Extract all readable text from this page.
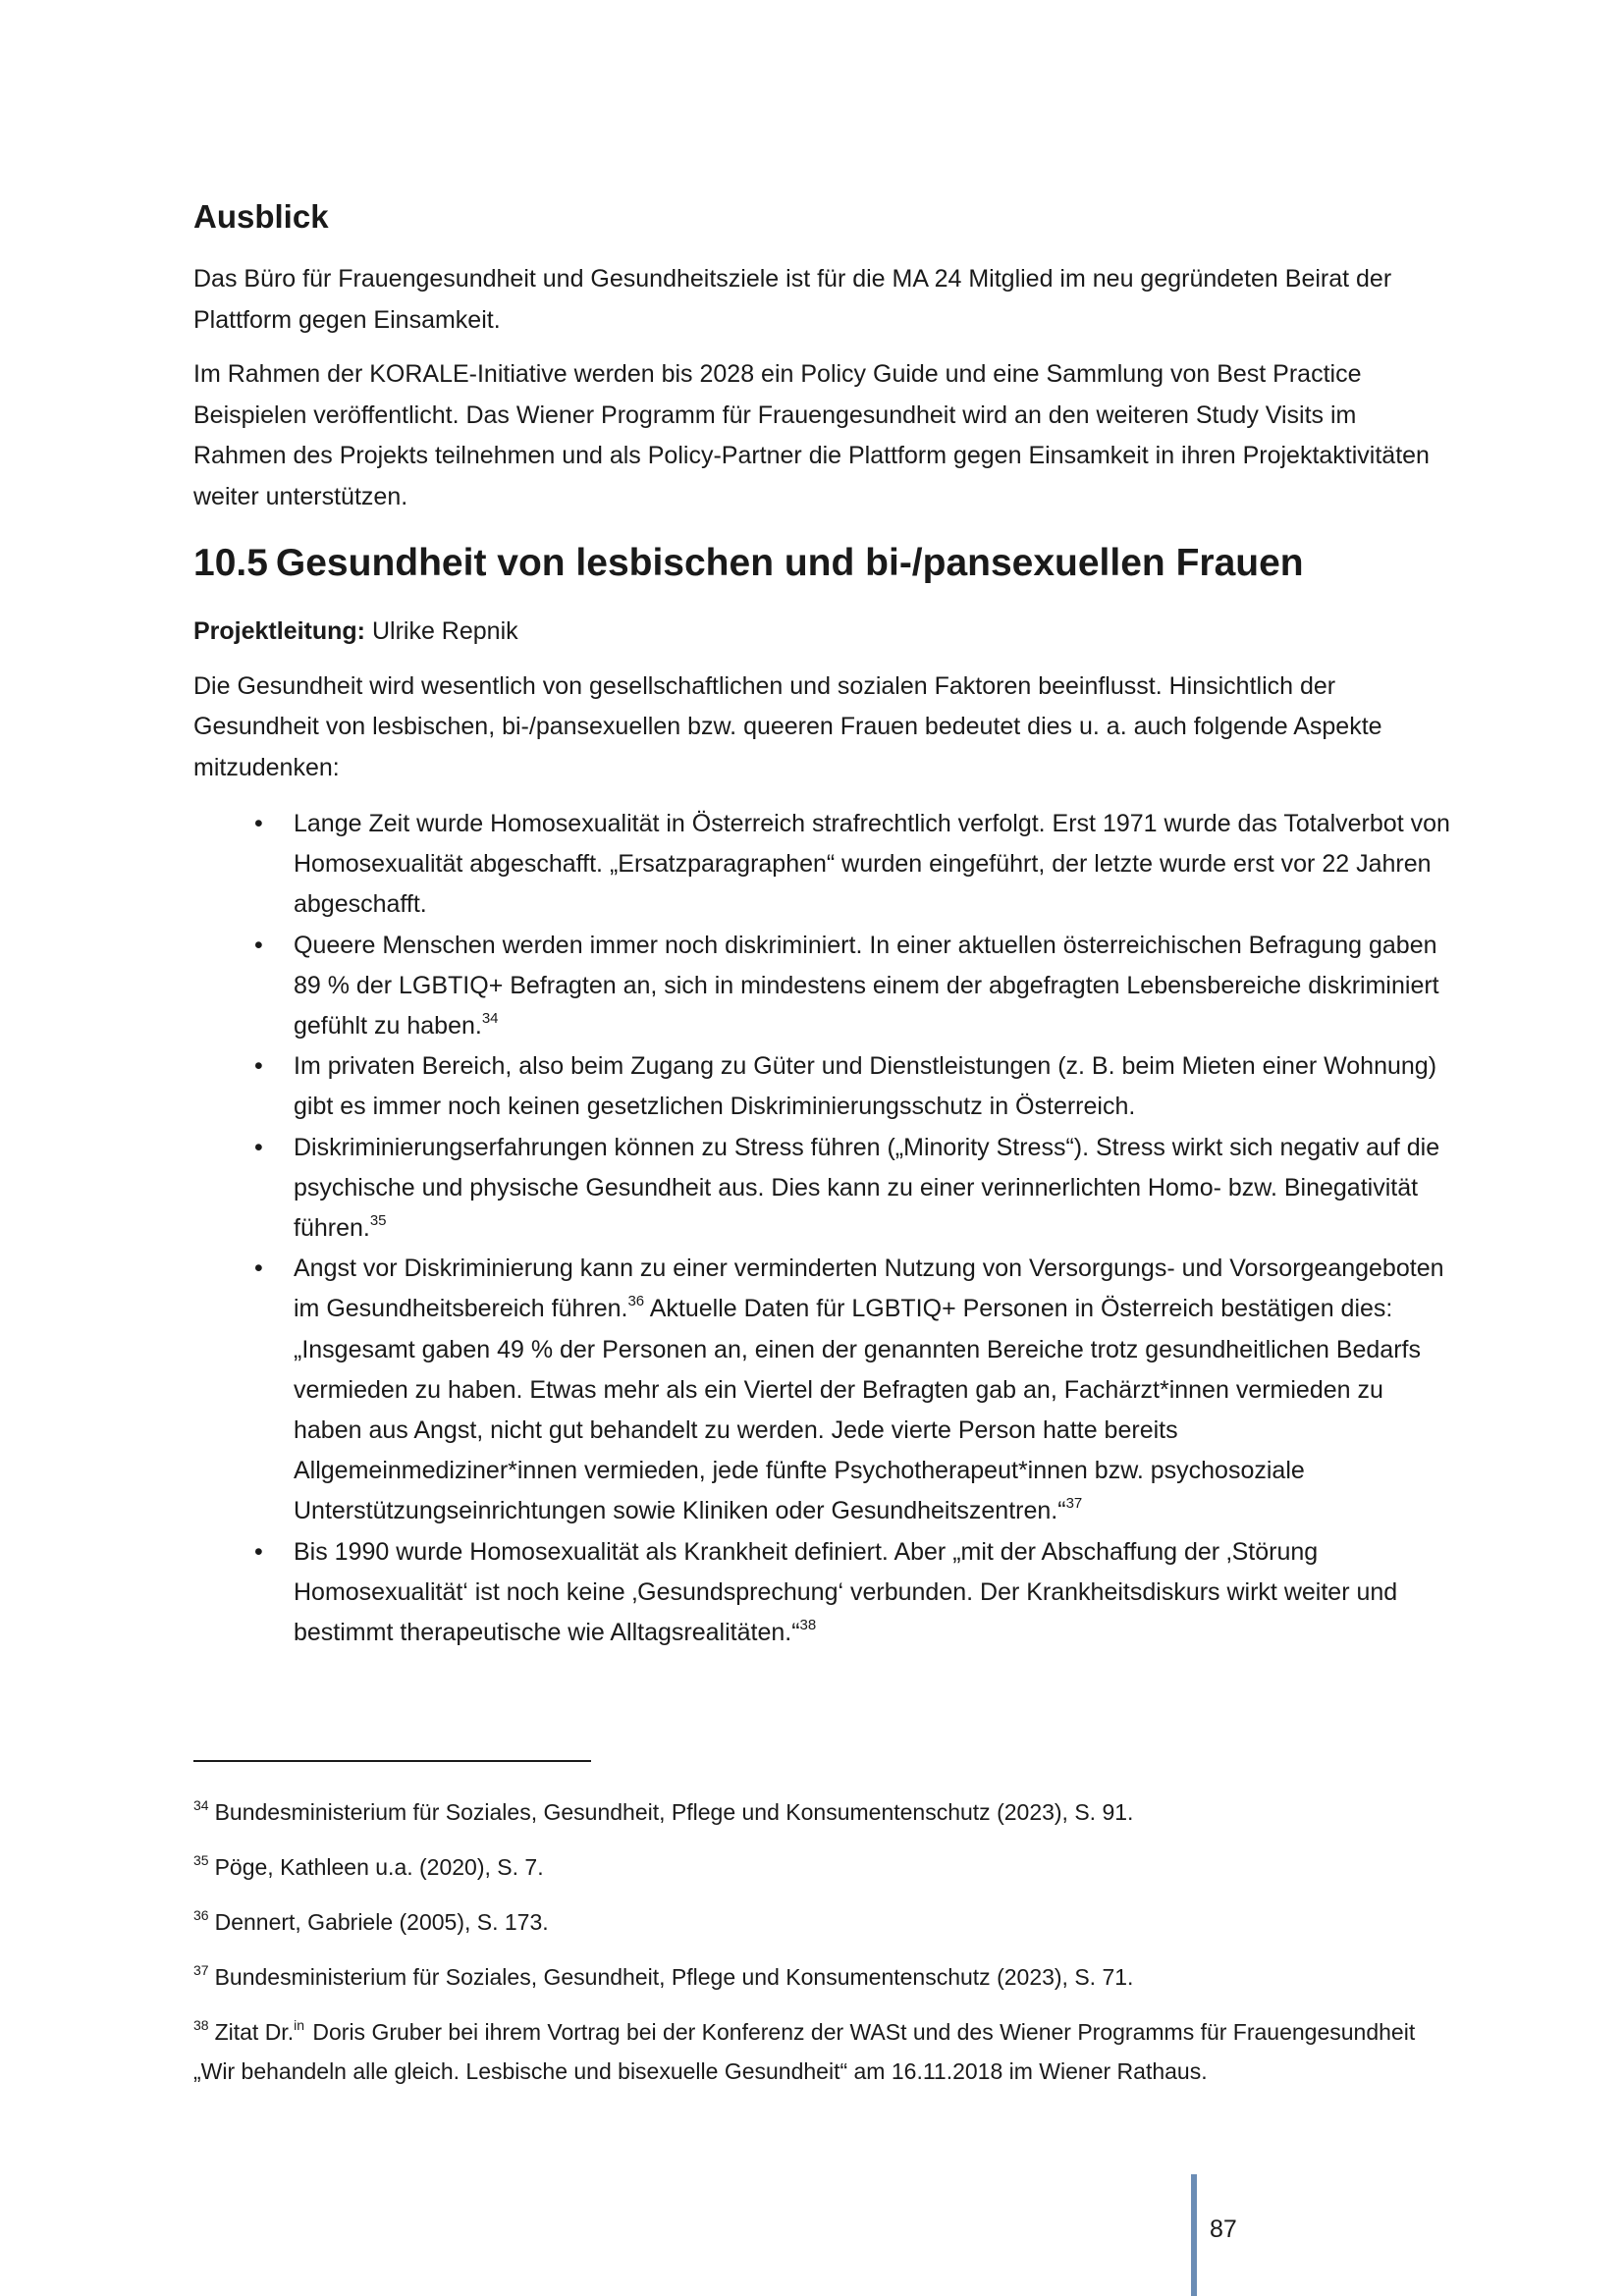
Ausblick

Das Büro für Frauengesundheit und Gesundheitsziele ist für die MA 24 Mitglied im neu gegründeten Beirat der Plattform gegen Einsamkeit.

Im Rahmen der KORALE-Initiative werden bis 2028 ein Policy Guide und eine Sammlung von Best Practice Beispielen veröffentlicht. Das Wiener Programm für Frauengesundheit wird an den weiteren Study Visits im Rahmen des Projekts teilnehmen und als Policy-Partner die Plattform gegen Einsamkeit in ihren Projektaktivitäten weiter unterstützen.

10.5 Gesundheit von lesbischen und bi-/pansexuellen Frauen

Projektleitung: Ulrike Repnik

Die Gesundheit wird wesentlich von gesellschaftlichen und sozialen Faktoren beeinflusst. Hinsichtlich der Gesundheit von lesbischen, bi-/pansexuellen bzw. queeren Frauen bedeutet dies u. a. auch folgende Aspekte mitzudenken:

• Lange Zeit wurde Homosexualität in Österreich strafrechtlich verfolgt. Erst 1971 wurde das Totalverbot von Homosexualität abgeschafft. „Ersatzparagraphen“ wurden eingeführt, der letzte wurde erst vor 22 Jahren abgeschafft.
• Queere Menschen werden immer noch diskriminiert. In einer aktuellen österreichischen Befragung gaben 89 % der LGBTIQ+ Befragten an, sich in mindestens einem der abgefragten Lebensbereiche diskriminiert gefühlt zu haben.$^{34}$
• Im privaten Bereich, also beim Zugang zu Güter und Dienstleistungen (z. B. beim Mieten einer Wohnung) gibt es immer noch keinen gesetzlichen Diskriminierungsschutz in Österreich.
• Diskriminierungserfahrungen können zu Stress führen („Minority Stress“). Stress wirkt sich negativ auf die psychische und physische Gesundheit aus. Dies kann zu einer verinnerlichten Homo- bzw. Binegativität führen.$^{35}$
• Angst vor Diskriminierung kann zu einer verminderten Nutzung von Versorgungs- und Vorsorgeangeboten im Gesundheitsbereich führen.$^{36}$ Aktuelle Daten für LGBTIQ+ Personen in Österreich bestätigen dies: „Insgesamt gaben 49 % der Personen an, einen der genannten Bereiche trotz gesundheitlichen Bedarfs vermieden zu haben. Etwas mehr als ein Viertel der Befragten gab an, Fachärzt*innen vermieden zu haben aus Angst, nicht gut behandelt zu werden. Jede vierte Person hatte bereits Allgemeinmediziner*innen vermieden, jede fünfte Psychotherapeut*innen bzw. psychosoziale Unterstützungseinrichtungen sowie Kliniken oder Gesundheitszentren.“$^{37}$
• Bis 1990 wurde Homosexualität als Krankheit definiert. Aber „mit der Abschaffung der ‚Störung Homosexualität‘ ist noch keine ‚Gesundsprechung‘ verbunden. Der Krankheitsdiskurs wirkt weiter und bestimmt therapeutische wie Alltagsrealitäten.“$^{38}$

$^{34}$ Bundesministerium für Soziales, Gesundheit, Pflege und Konsumentenschutz (2023), S. 91.

$^{35}$ Pöge, Kathleen u.a. (2020), S. 7.

$^{36}$ Dennert, Gabriele (2005), S. 173.

$^{37}$ Bundesministerium für Soziales, Gesundheit, Pflege und Konsumentenschutz (2023), S. 71.

$^{38}$ Zitat Dr.$^{in}$ Doris Gruber bei ihrem Vortrag bei der Konferenz der WASt und des Wiener Programms für Frauengesundheit „Wir behandeln alle gleich. Lesbische und bisexuelle Gesundheit“ am 16.11.2018 im Wiener Rathaus.

87
